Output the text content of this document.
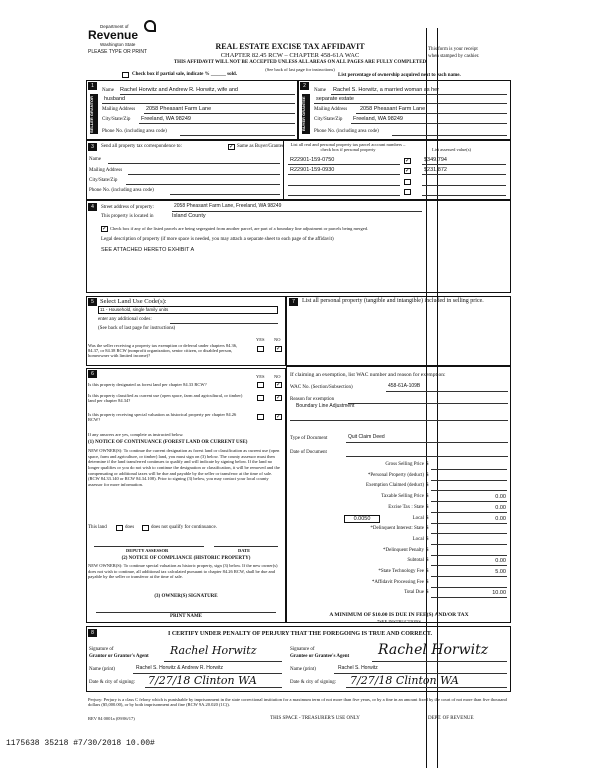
Department of
Revenue
Washington State
PLEASE TYPE OR PRINT
REAL ESTATE EXCISE TAX AFFIDAVIT
CHAPTER 82.45 RCW – CHAPTER 458-61A WAC
THIS AFFIDAVIT WILL NOT BE ACCEPTED UNLESS ALL AREAS ON ALL PAGES ARE FULLY COMPLETED
(See back of last page for instructions)
This form is your receipt
when stamped by cashier.
Check box if partial sale, indicate % ______ sold.	List percentage of ownership acquired next to each name.
1	2
SELLER GRANTOR	BUYER GRANTEE
Name Rachel Horwitz and Andrew R. Horwitz, wife and
husband
Mailing Address 2058 Pheasant Farm Lane
City/State/Zip Freeland, WA 98249
Phone No. (including area code)
Name Rachel S. Horwitz, a married woman as her
separate estate
Mailing Address 2058 Pheasant Farm Lane
City/State/Zip Freeland, WA 98249
Phone No. (including area code)
3	Send all property tax correspondence to:	✓ Same as Buyer/Grantee
Name
Mailing Address
City/State/Zip
Phone No. (including area code)
List all real and personal property tax parcel account numbers – check box if personal property	List assessed value(s)
R22901-159-0750	✓	$349,794
R22901-159-0930	✓	$231,872
4	Street address of property:	2058 Pheasant Farm Lane, Freeland, WA 98249
This property is located in	Island County
✓ Check box if any of the listed parcels are being segregated from another parcel, are part of a boundary line adjustment or parcels being merged.
Legal description of property (if more space is needed, you may attach a separate sheet to each page of the affidavit)
SEE ATTACHED HERETO EXHIBIT A
5 Select Land Use Code(s):
11 - Household, single family units
enter any additional codes:
(See back of last page for instructions)
YES NO
Was the seller receiving a property tax exemption or deferral under chapters 84.36, 84.37, or 84.38 RCW (nonprofit organization, senior citizen, or disabled person, homeowner with limited income)?
✓
6	YES NO
Is this property designated as forest land per chapter 84.33 RCW?	✓
Is this property classified as current use (open space, farm and agricultural, or timber) land per chapter 84.34?	✓
Is this property receiving special valuation as historical property per chapter 84.26 RCW?	✓
If any answers are yes, complete as instructed below.
(1) NOTICE OF CONTINUANCE (FOREST LAND OR CURRENT USE)
NEW OWNER(S): To continue the current designation as forest land or classification as current use (open space, farm and agriculture, or timber) land, you must sign on (3) below. The county assessor must then determine if the land transferred continues to qualify and will indicate by signing below. If the land no longer qualifies or you do not wish to continue the designation or classification, it will be removed and the compensating or additional taxes will be due and payable by the seller or transferor at the time of sale. (RCW 84.33.140 or RCW 84.34.108). Prior to signing (3) below, you may contact your local county assessor for more information.
This land	does	does not qualify for continuance.
DEPUTY ASSESSOR	DATE
(2) NOTICE OF COMPLIANCE (HISTORIC PROPERTY)
NEW OWNER(S): To continue special valuation as historic property, sign (3) below. If the new owner(s) does not wish to continue, all additional tax calculated pursuant to chapter 84.26 RCW, shall be due and payable by the seller or transferor at the time of sale.
(3) OWNER(S) SIGNATURE
PRINT NAME
7	List all personal property (tangible and intangible) included in selling price.
If claiming an exemption, list WAC number and reason for exemption:
WAC No. (Section/Subsection)	458-61A-109B
Reason for exemption
Boundary Line Adjustment
Type of Document	Quit Claim Deed
Date of Document
Gross Selling Price $
*Personal Property (deduct) $
Exemption Claimed (deduct) $
Taxable Selling Price $	0.00
Excise Tax : State $	0.00
0.0050	Local $	0.00
*Delinquent Interest: State $
Local $
*Delinquent Penalty $
Subtotal $	0.00
*State Technology Fee $	5.00
*Affidavit Processing Fee $
Total Due $	10.00
A MINIMUM OF $10.00 IS DUE IN FEE(S) AND/OR TAX
*SEE INSTRUCTIONS
8	I CERTIFY UNDER PENALTY OF PERJURY THAT THE FOREGOING IS TRUE AND CORRECT.
Signature of
Grantor or Grantor's Agent Rachel Horwitz	Signature of
Grantee or Grantee's Agent Rachel Horwitz
Name (print)	Rachel S. Horwitz & Andrew R. Horwitz	Name (print)	Rachel S. Horwitz
Date & city of signing: 7/27/18 Clinton WA	Date & city of signing: 7/27/18 Clinton WA
Perjury: Perjury is a class C felony which is punishable by imprisonment in the state correctional institution for a maximum term of not more than five years, or by a fine in an amount fixed by the court of not more than five thousand dollars ($5,000.00), or by both imprisonment and fine (RCW 9A.20.020 (1C)).
REV 84 0001a (09/06/17)	THIS SPACE - TREASURER'S USE ONLY	DEPT. OF REVENUE
1175638 35218 #7/30/2018 10.00#
